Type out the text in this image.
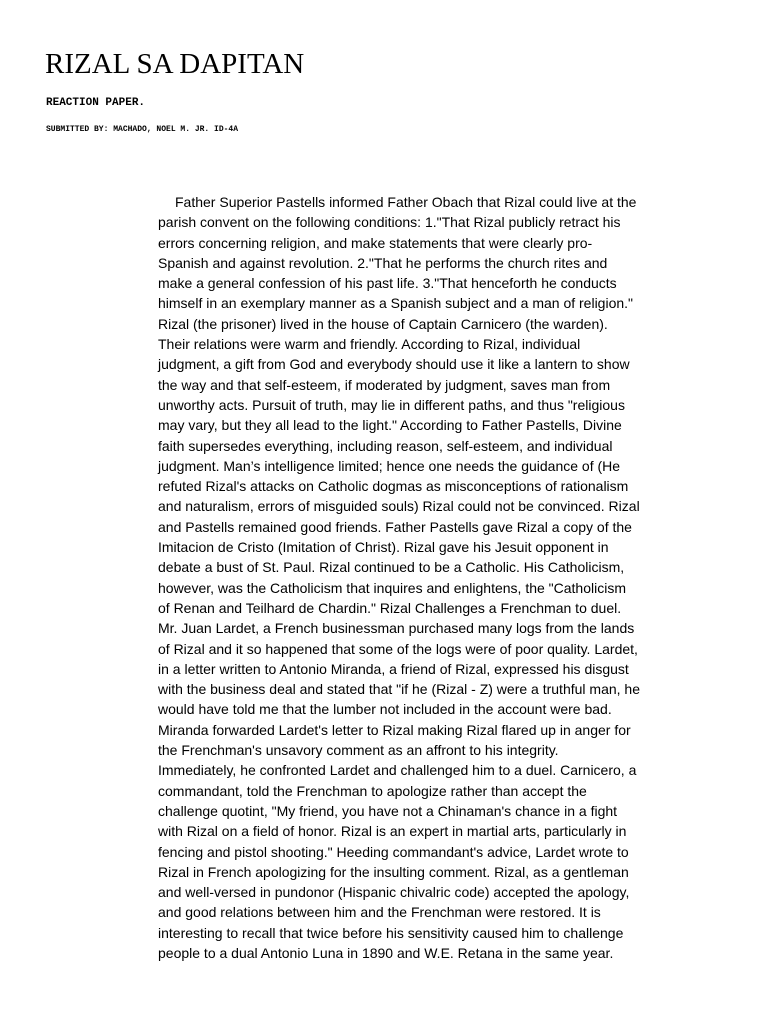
RIZAL SA DAPITAN
REACTION PAPER.
SUBMITTED BY: MACHADO, NOEL M. JR. ID-4A
Father Superior Pastells informed Father Obach that Rizal could live at the
parish convent on the following conditions: 1."That Rizal publicly retract his
errors concerning religion, and make statements that were clearly pro-
Spanish and against revolution. 2."That he performs the church rites and
make a general confession of his past life. 3."That henceforth he conducts
himself in an exemplary manner as a Spanish subject and a man of religion."
Rizal (the prisoner) lived in the house of Captain Carnicero (the warden).
Their relations were warm and friendly. According to Rizal, individual
judgment, a gift from God and everybody should use it like a lantern to show
the way and that self-esteem, if moderated by judgment, saves man from
unworthy acts. Pursuit of truth, may lie in different paths, and thus "religious
may vary, but they all lead to the light." According to Father Pastells, Divine
faith supersedes everything, including reason, self-esteem, and individual
judgment. Man’s intelligence limited; hence one needs the guidance of (He
refuted Rizal's attacks on Catholic dogmas as misconceptions of rationalism
and naturalism, errors of misguided souls) Rizal could not be convinced. Rizal
and Pastells remained good friends. Father Pastells gave Rizal a copy of the
Imitacion de Cristo (Imitation of Christ). Rizal gave his Jesuit opponent in
debate a bust of St. Paul. Rizal continued to be a Catholic. His Catholicism,
however, was the Catholicism that inquires and enlightens, the "Catholicism
of Renan and Teilhard de Chardin." Rizal Challenges a Frenchman to duel.
Mr. Juan Lardet, a French businessman purchased many logs from the lands
of Rizal and it so happened that some of the logs were of poor quality. Lardet,
in a letter written to Antonio Miranda, a friend of Rizal, expressed his disgust
with the business deal and stated that "if he (Rizal - Z) were a truthful man, he
would have told me that the lumber not included in the account were bad.
Miranda forwarded Lardet's letter to Rizal making Rizal flared up in anger for
the Frenchman's unsavory comment as an affront to his integrity.
Immediately, he confronted Lardet and challenged him to a duel. Carnicero, a
commandant, told the Frenchman to apologize rather than accept the
challenge quotint, "My friend, you have not a Chinaman's chance in a fight
with Rizal on a field of honor. Rizal is an expert in martial arts, particularly in
fencing and pistol shooting." Heeding commandant's advice, Lardet wrote to
Rizal in French apologizing for the insulting comment. Rizal, as a gentleman
and well-versed in pundonor (Hispanic chivalric code) accepted the apology,
and good relations between him and the Frenchman were restored. It is
interesting to recall that twice before his sensitivity caused him to challenge
people to a dual Antonio Luna in 1890 and W.E. Retana in the same year.
